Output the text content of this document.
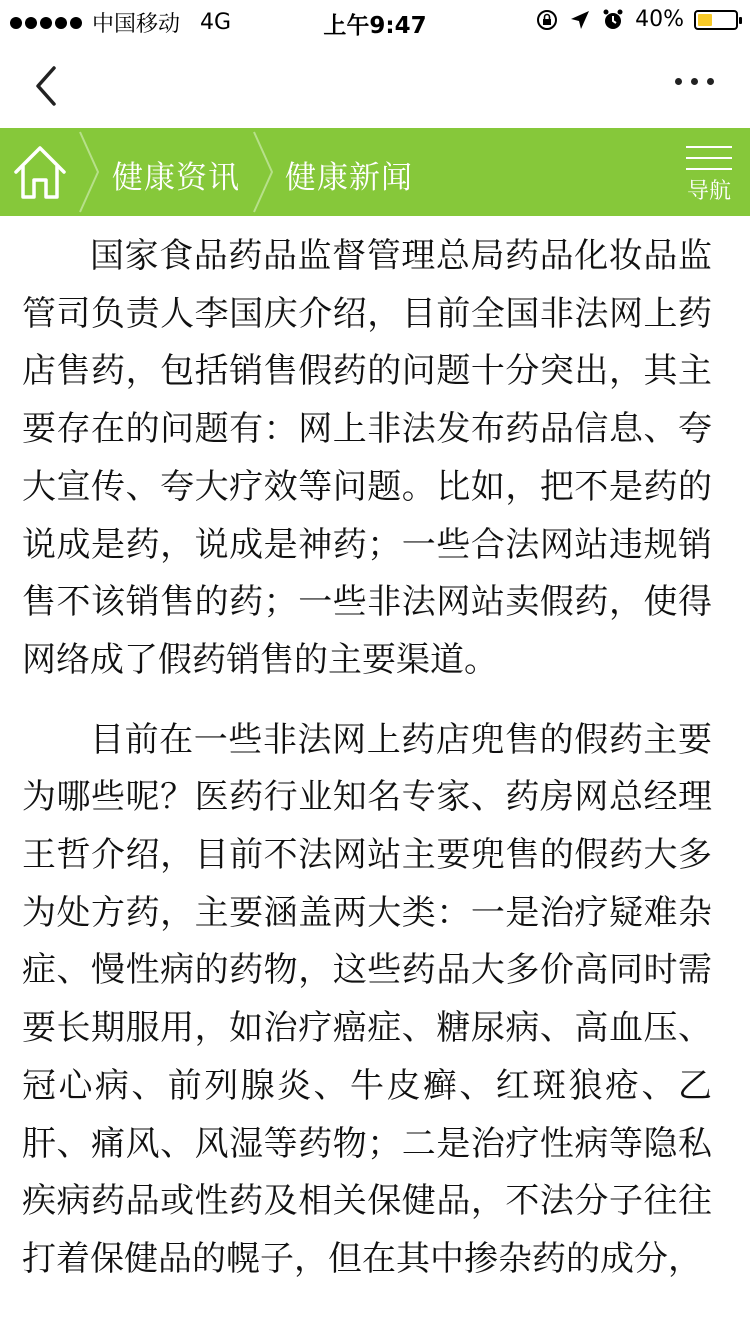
中国移动 4G	上午9:47	40%
健康资讯 健康新闻	导航

国家食品药品监督管理总局药品化妆品监管司负责人李国庆介绍，目前全国非法网上药店售药，包括销售假药的问题十分突出，其主要存在的问题有：网上非法发布药品信息、夸大宣传、夸大疗效等问题。比如，把不是药的说成是药，说成是神药；一些合法网站违规销售不该销售的药；一些非法网站卖假药，使得网络成了假药销售的主要渠道。

目前在一些非法网上药店兜售的假药主要为哪些呢？医药行业知名专家、药房网总经理王哲介绍，目前不法网站主要兜售的假药大多为处方药，主要涵盖两大类：一是治疗疑难杂症、慢性病的药物，这些药品大多价高同时需要长期服用，如治疗癌症、糖尿病、高血压、冠心病、前列腺炎、牛皮癣、红斑狼疮、乙肝、痛风、风湿等药物；二是治疗性病等隐私疾病药品或性药及相关保健品，不法分子往往打着保健品的幌子，但在其中掺杂药的成分，
